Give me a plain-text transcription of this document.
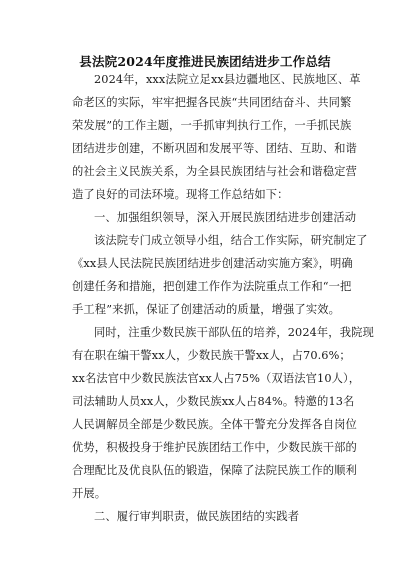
县法院2024年度推进民族团结进步工作总结
2024年，xxx法院立足xx县边疆地区、民族地区、革
命老区的实际，牢牢把握各民族“共同团结奋斗、共同繁
荣发展”的工作主题，一手抓审判执行工作，一手抓民族
团结进步创建，不断巩固和发展平等、团结、互助、和谐
的社会主义民族关系，为全县民族团结与社会和谐稳定营
造了良好的司法环境。现将工作总结如下：
一、加强组织领导，深入开展民族团结进步创建活动
该法院专门成立领导小组，结合工作实际，研究制定了
《xx县人民法院民族团结进步创建活动实施方案》，明确
创建任务和措施，把创建工作作为法院重点工作和“一把
手工程”来抓，保证了创建活动的质量，增强了实效。
同时，注重少数民族干部队伍的培养，2024年，我院现
有在职在编干警xx人，少数民族干警xx人，占70.6%；
xx名法官中少数民族法官xx人占75%（双语法官10人），
司法辅助人员xx人，少数民族xx人占84%。特邀的13名
人民调解员全部是少数民族。全体干警充分发挥各自岗位
优势，积极投身于维护民族团结工作中，少数民族干部的
合理配比及优良队伍的锻造，保障了法院民族工作的顺利
开展。
二、履行审判职责，做民族团结的实践者
